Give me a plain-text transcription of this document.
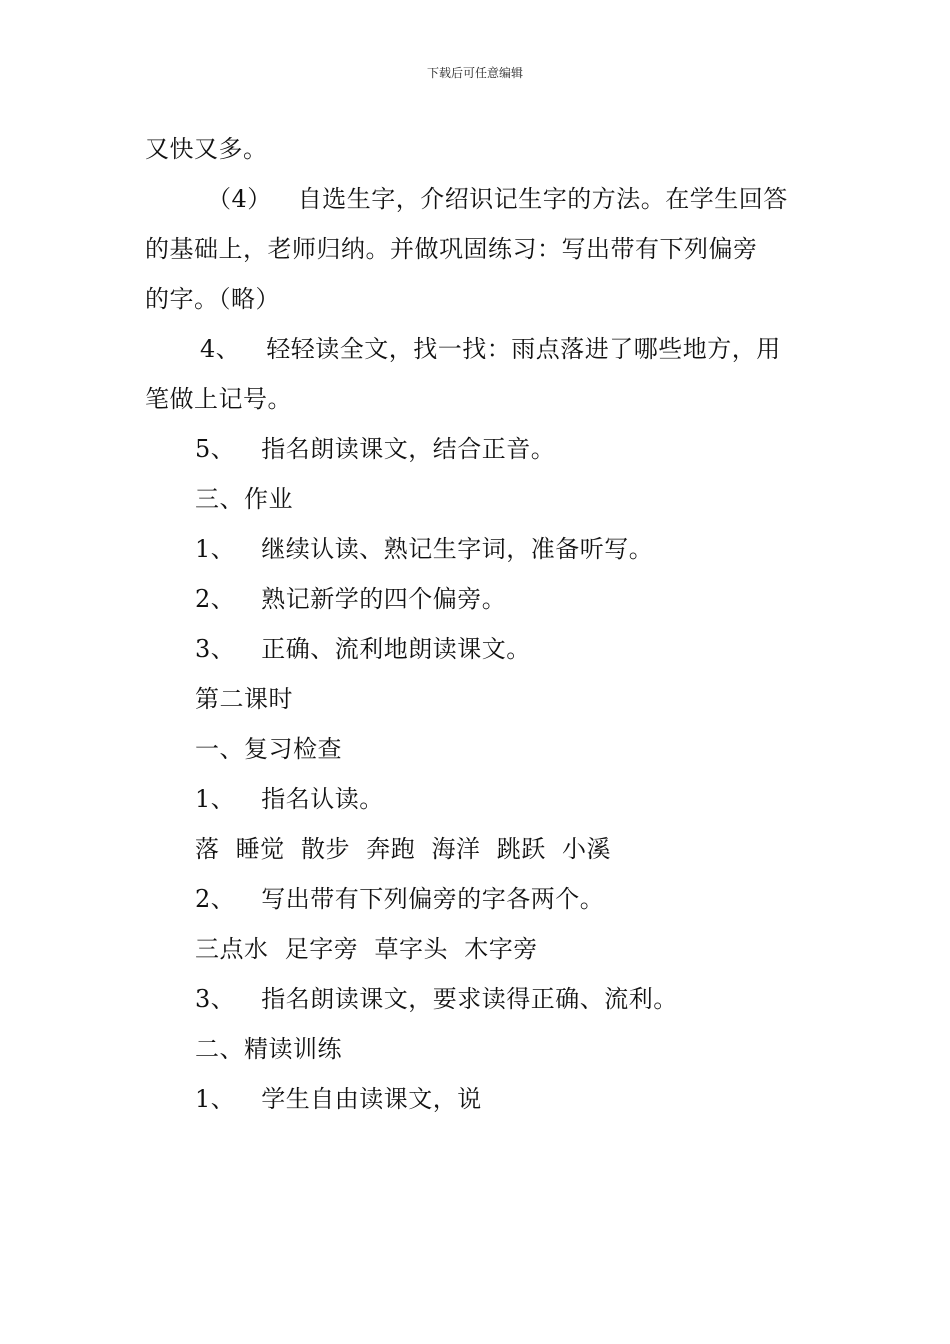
下载后可任意编辑
又快又多。
（4） 自选生字，介绍识记生字的方法。在学生回答
的基础上，老师归纳。并做巩固练习：写出带有下列偏旁
的字。（略）
4、 轻轻读全文，找一找：雨点落进了哪些地方，用
笔做上记号。
5、 指名朗读课文，结合正音。
三、作业
1、 继续认读、熟记生字词，准备听写。
2、 熟记新学的四个偏旁。
3、 正确、流利地朗读课文。
第二课时
一、复习检查
1、 指名认读。
落  睡觉  散步  奔跑  海洋  跳跃  小溪
2、 写出带有下列偏旁的字各两个。
三点水  足字旁  草字头  木字旁
3、 指名朗读课文，要求读得正确、流利。
二、精读训练
1、 学生自由读课文，说
